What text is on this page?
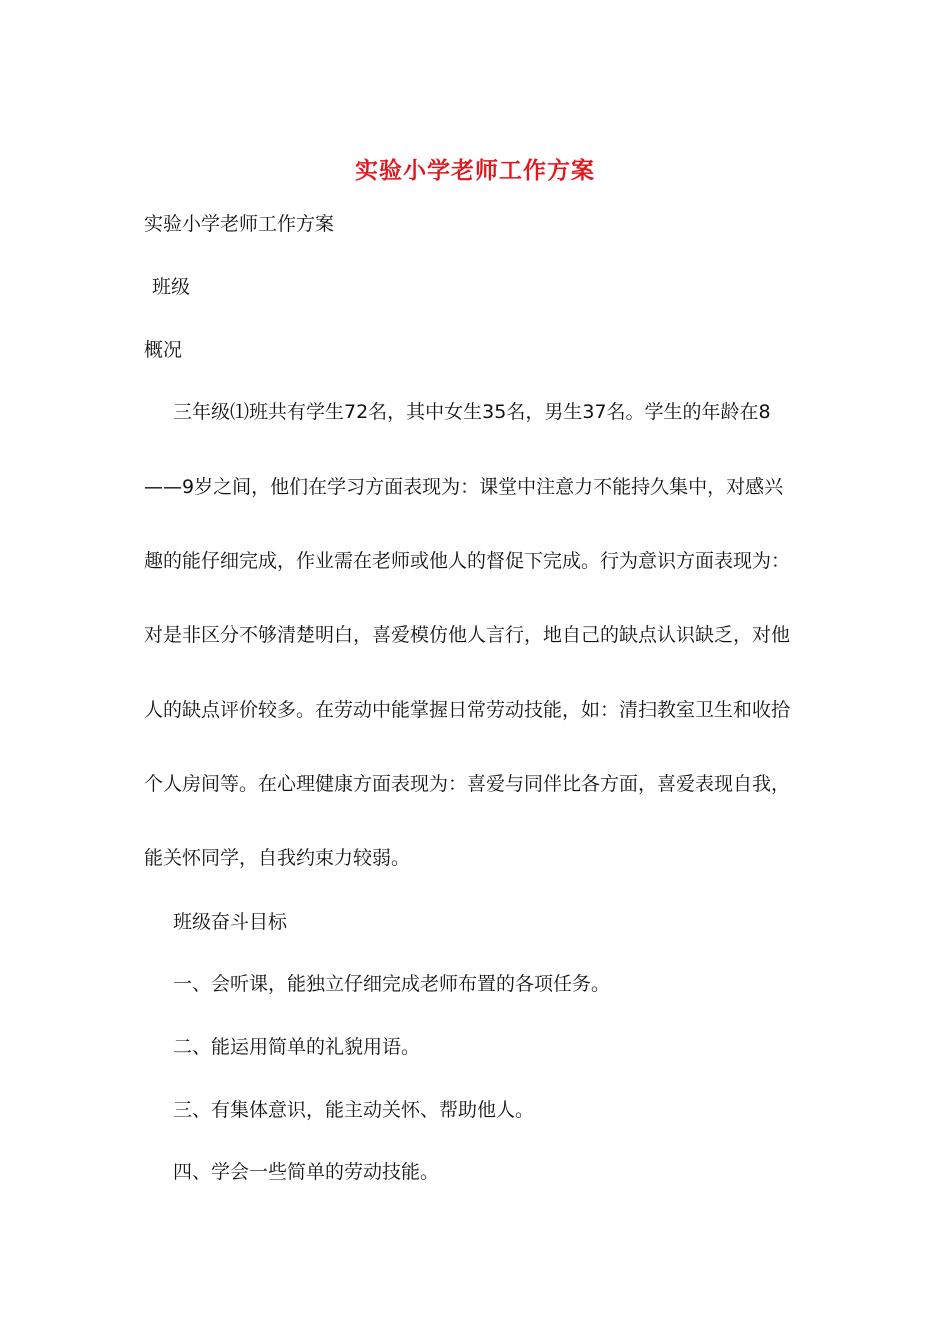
实验小学老师工作方案
实验小学老师工作方案
班级
概况
三年级⑴班共有学生72名，其中女生35名，男生37名。学生的年龄在8
——9岁之间，他们在学习方面表现为：课堂中注意力不能持久集中，对感兴
趣的能仔细完成，作业需在老师或他人的督促下完成。行为意识方面表现为：
对是非区分不够清楚明白，喜爱模仿他人言行，地自己的缺点认识缺乏，对他
人的缺点评价较多。在劳动中能掌握日常劳动技能，如：清扫教室卫生和收拾
个人房间等。在心理健康方面表现为：喜爱与同伴比各方面，喜爱表现自我，
能关怀同学，自我约束力较弱。
班级奋斗目标
一、会听课，能独立仔细完成老师布置的各项任务。
二、能运用简单的礼貌用语。
三、有集体意识，能主动关怀、帮助他人。
四、学会一些简单的劳动技能。
